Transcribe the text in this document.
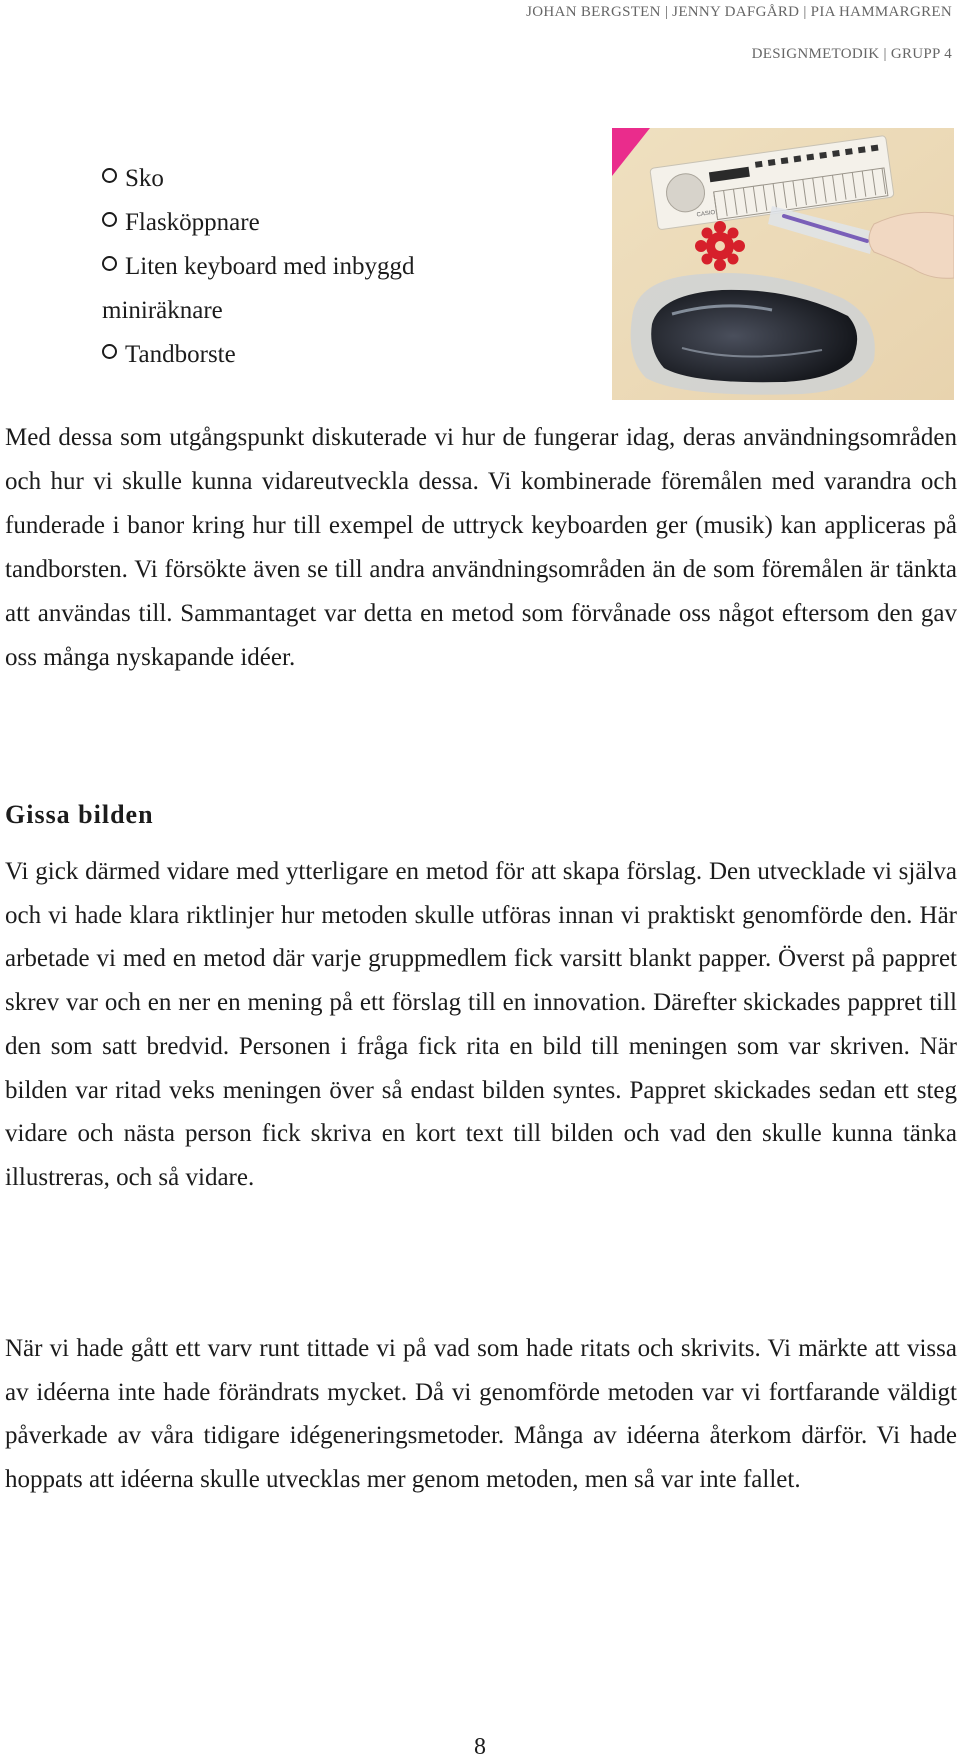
JOHAN BERGSTEN | JENNY DAFGÅRD | PIA HAMMARGREN
DESIGNMETODIK | GRUPP 4
Sko
Flasköppnare
Liten keyboard med inbyggd miniräknare
Tandborste
CASIO

Med dessa som utgångspunkt diskuterade vi hur de fungerar idag, deras användningsområden och hur vi skulle kunna vidareutveckla dessa. Vi kombinerade föremålen med varandra och funderade i banor kring hur till exempel de uttryck keyboarden ger (musik) kan appliceras på tandborsten. Vi försökte även se till andra användningsområden än de som föremålen är tänkta att användas till. Sammantaget var detta en metod som förvånade oss något eftersom den gav oss många nyskapande idéer.

Gissa bilden

Vi gick därmed vidare med ytterligare en metod för att skapa förslag. Den utvecklade vi själva och vi hade klara riktlinjer hur metoden skulle utföras innan vi praktiskt genomförde den. Här arbetade vi med en metod där varje gruppmedlem fick varsitt blankt papper. Överst på pappret skrev var och en ner en mening på ett förslag till en innovation. Därefter skickades pappret till den som satt bredvid. Personen i fråga fick rita en bild till meningen som var skriven. När bilden var ritad veks meningen över så endast bilden syntes. Pappret skickades sedan ett steg vidare och nästa person fick skriva en kort text till bilden och vad den skulle kunna tänka illustreras, och så vidare.

När vi hade gått ett varv runt tittade vi på vad som hade ritats och skrivits. Vi märkte att vissa av idéerna inte hade förändrats mycket. Då vi genomförde metoden var vi fortfarande väldigt påverkade av våra tidigare idégeneringsmetoder. Många av idéerna återkom därför. Vi hade hoppats att idéerna skulle utvecklas mer genom metoden, men så var inte fallet.

8
